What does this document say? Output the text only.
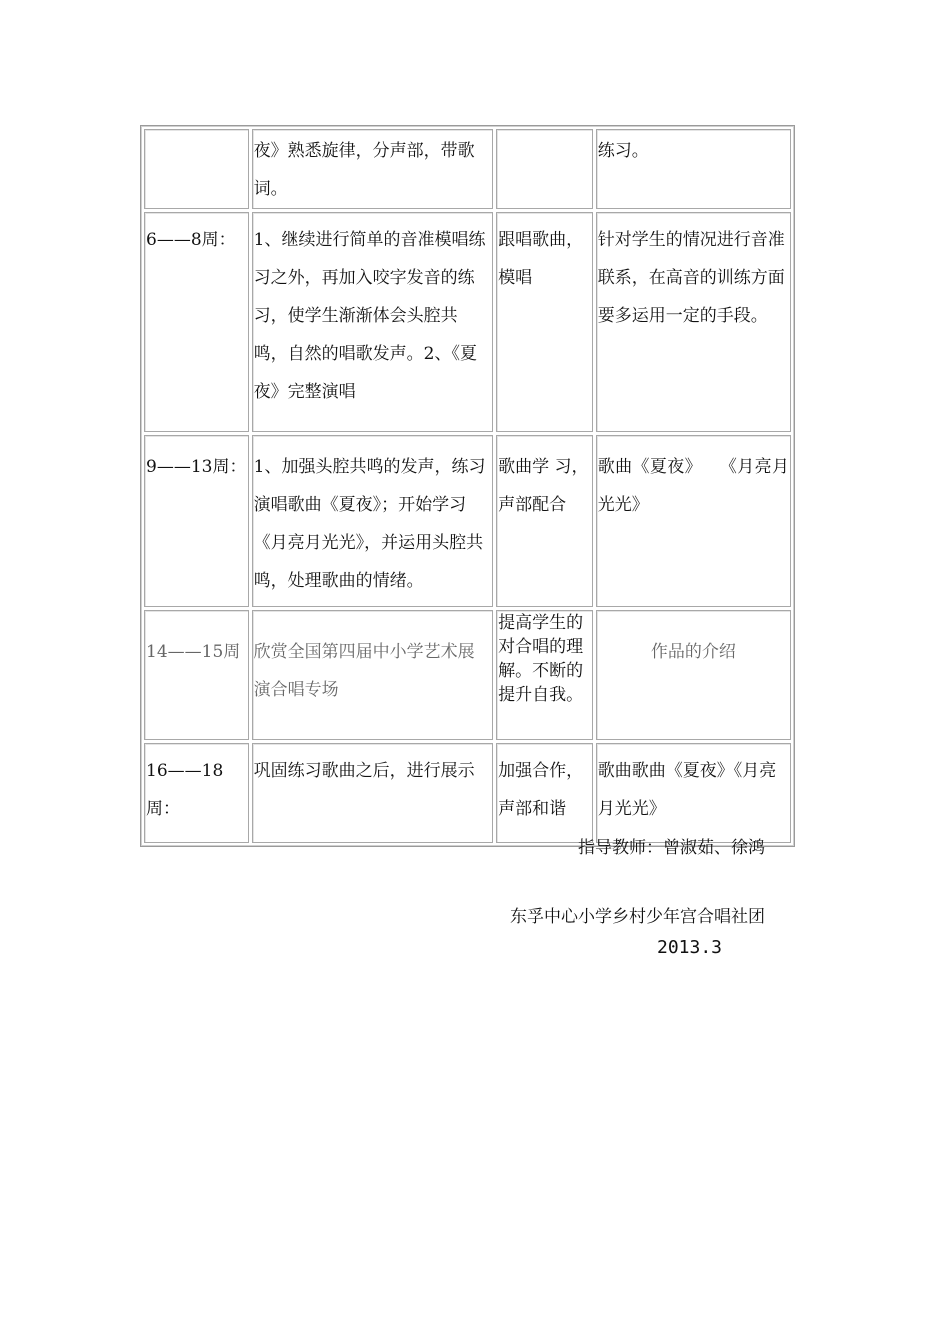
	夜》熟悉旋律，分声部，带歌词。		练习。
6——8周：	1、继续进行简单的音准模唱练习之外，再加入咬字发音的练习，使学生渐渐体会头腔共鸣，自然的唱歌发声。2、《夏夜》完整演唱	跟唱歌曲，模唱	针对学生的情况进行音准联系，在高音的训练方面要多运用一定的手段。
9——13周：	1、加强头腔共鸣的发声，练习演唱歌曲《夏夜》；开始学习《月亮月光光》，并运用头腔共鸣，处理歌曲的情绪。	歌曲学 习，声部配合	歌曲《夏夜》　　《月亮月光光》
14——15周	欣赏全国第四届中小学艺术展演合唱专场	提高学生的对合唱的理解。不断的提升自我。	作品的介绍
16——18周：	巩固练习歌曲之后，进行展示	加强合作，声部和谐	歌曲歌曲《夏夜》《月亮月光光》

指导教师：曾淑茹、徐鸿

东孚中心小学乡村少年宫合唱社团

2013.3
